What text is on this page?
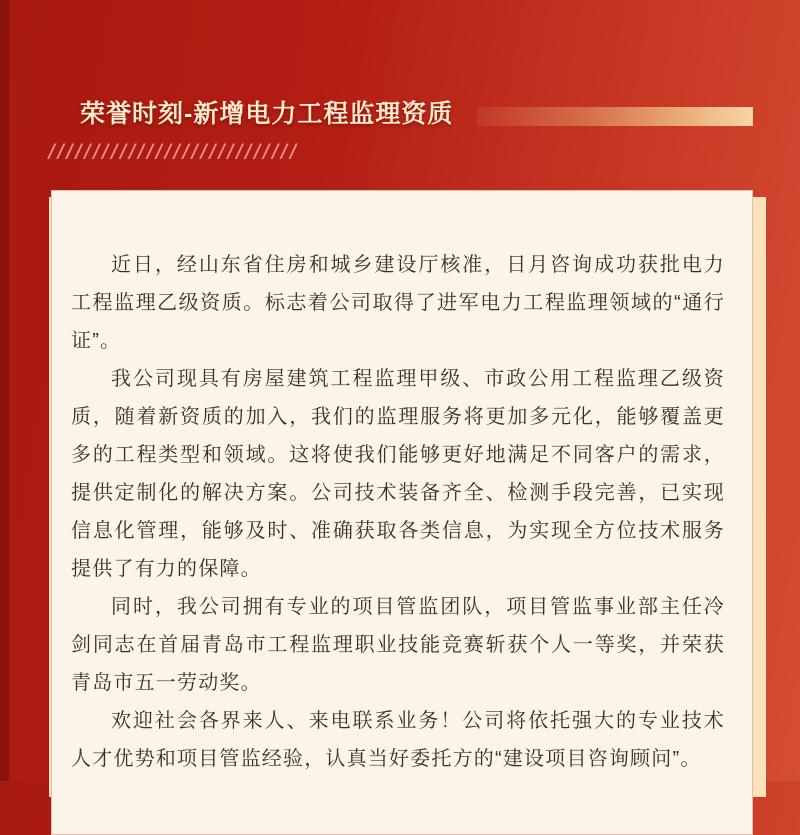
荣誉时刻-新增电力工程监理资质
////////////////////////////

近日，经山东省住房和城乡建设厅核准，日月咨询成功获批电力工程监理乙级资质。标志着公司取得了进军电力工程监理领域的“通行证”。

我公司现具有房屋建筑工程监理甲级、市政公用工程监理乙级资质，随着新资质的加入，我们的监理服务将更加多元化，能够覆盖更多的工程类型和领域。这将使我们能够更好地满足不同客户的需求，提供定制化的解决方案。公司技术装备齐全、检测手段完善，已实现信息化管理，能够及时、准确获取各类信息，为实现全方位技术服务提供了有力的保障。

同时，我公司拥有专业的项目管监团队，项目管监事业部主任冷剑同志在首届青岛市工程监理职业技能竞赛斩获个人一等奖，并荣获青岛市五一劳动奖。

欢迎社会各界来人、来电联系业务！公司将依托强大的专业技术人才优势和项目管监经验，认真当好委托方的“建设项目咨询顾问”。
